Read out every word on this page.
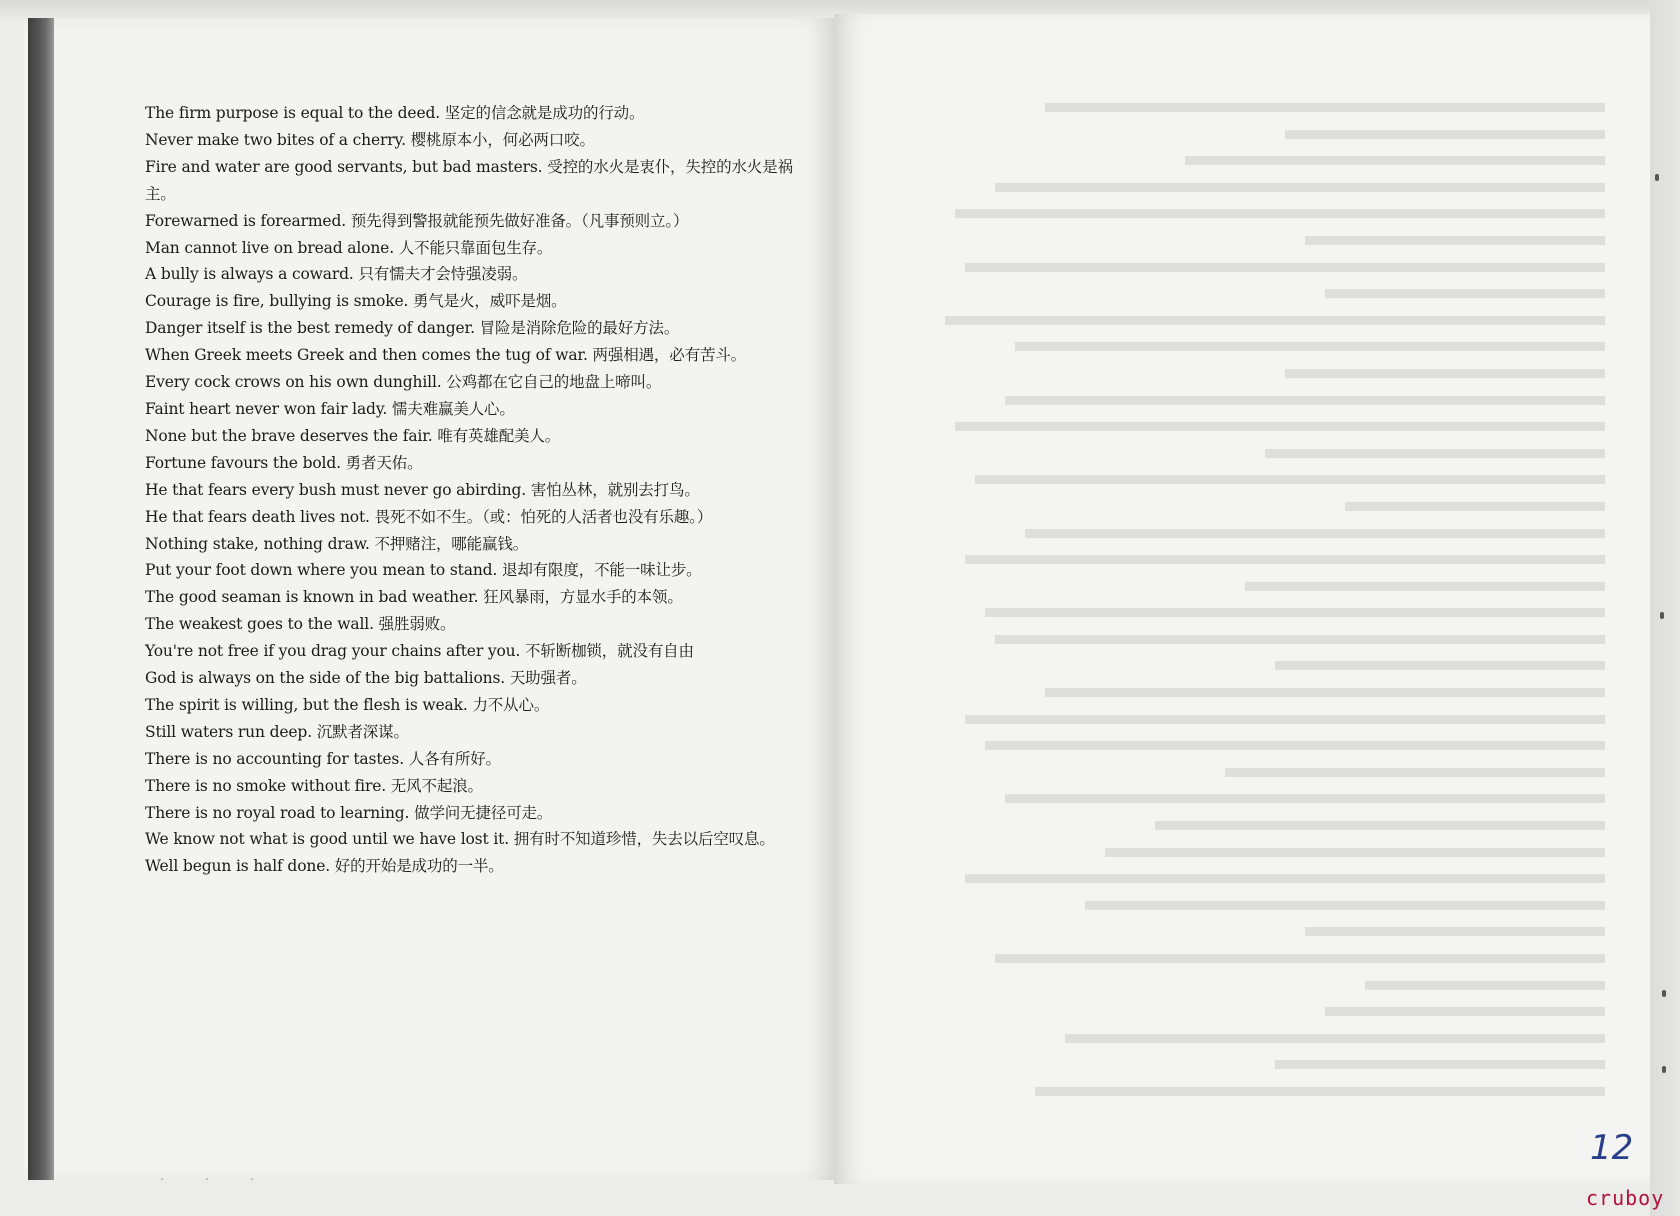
The firm purpose is equal to the deed. 坚定的信念就是成功的行动。
Never make two bites of a cherry. 樱桃原本小，何必两口咬。
Fire and water are good servants, but bad masters. 受控的水火是衷仆，失控的水火是祸主。
Forewarned is forearmed. 预先得到警报就能预先做好准备。（凡事预则立。）
Man cannot live on bread alone. 人不能只靠面包生存。
A bully is always a coward. 只有懦夫才会恃强凌弱。
Courage is fire, bullying is smoke. 勇气是火，威吓是烟。
Danger itself is the best remedy of danger. 冒险是消除危险的最好方法。
When Greek meets Greek and then comes the tug of war. 两强相遇，必有苦斗。
Every cock crows on his own dunghill. 公鸡都在它自己的地盘上啼叫。
Faint heart never won fair lady. 懦夫难赢美人心。
None but the brave deserves the fair. 唯有英雄配美人。
Fortune favours the bold. 勇者天佑。
He that fears every bush must never go abirding. 害怕丛林，就别去打鸟。
He that fears death lives not. 畏死不如不生。（或：怕死的人活者也没有乐趣。）
Nothing stake, nothing draw. 不押赌注，哪能赢钱。
Put your foot down where you mean to stand. 退却有限度，不能一味让步。
The good seaman is known in bad weather. 狂风暴雨，方显水手的本领。
The weakest goes to the wall. 强胜弱败。
You're not free if you drag your chains after you. 不斩断枷锁，就没有自由
God is always on the side of the big battalions. 天助强者。
The spirit is willing, but the flesh is weak. 力不从心。
Still waters run deep. 沉默者深谋。
There is no accounting for tastes. 人各有所好。
There is no smoke without fire. 无风不起浪。
There is no royal road to learning. 做学问无捷径可走。
We know not what is good until we have lost it. 拥有时不知道珍惜，失去以后空叹息。
Well begun is half done. 好的开始是成功的一半。
· · ·
12
cruboy
